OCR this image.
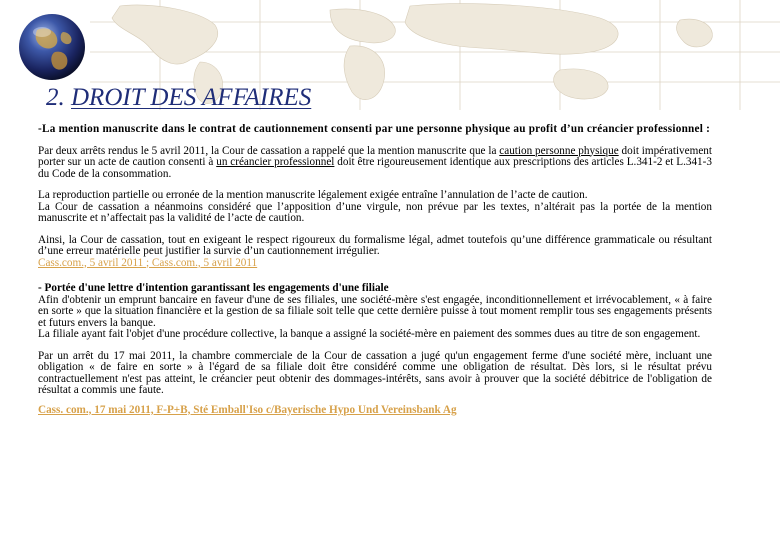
2. DROIT DES AFFAIRES

-La mention manuscrite dans le contrat de cautionnement consenti par une personne physique au profit d’un créancier professionnel :

Par deux arrêts rendus le 5 avril 2011, la Cour de cassation a rappelé que la mention manuscrite que la caution personne physique doit impérativement porter sur un acte de caution consenti à un créancier professionnel doit être rigoureusement identique aux prescriptions des articles L.341-2 et L.341-3 du Code de la consommation.

La reproduction partielle ou erronée de la mention manuscrite légalement exigée entraîne l’annulation de l’acte de caution.

La Cour de cassation a néanmoins considéré que l’apposition d’une virgule, non prévue par les textes, n’altérait pas la portée de la mention manuscrite et n’affectait pas la validité de l’acte de caution.

Ainsi, la Cour de cassation, tout en exigeant le respect rigoureux du formalisme légal, admet toutefois qu’une différence grammaticale ou résultant d’une erreur matérielle peut justifier la survie d’un cautionnement irrégulier.

Cass.com., 5 avril 2011 ; Cass.com., 5 avril 2011

- Portée d'une lettre d'intention garantissant les engagements d'une filiale

Afin d'obtenir un emprunt bancaire en faveur d'une de ses filiales, une société-mère s'est engagée, inconditionnellement et irrévocablement, « à faire en sorte » que la situation financière et la gestion de sa filiale soit telle que cette dernière puisse à tout moment remplir tous ses engagements présents et futurs envers la banque.

La filiale ayant fait l'objet d'une procédure collective, la banque a assigné la société-mère en paiement des sommes dues au titre de son engagement.

Par un arrêt du 17 mai 2011, la chambre commerciale de la Cour de cassation a jugé qu'un engagement ferme d'une société mère, incluant une obligation « de faire en sorte » à l'égard de sa filiale doit être considéré comme une obligation de résultat. Dès lors, si le résultat prévu contractuellement n'est pas atteint, le créancier peut obtenir des dommages-intérêts, sans avoir à prouver que la société débitrice de l'obligation de résultat a commis une faute.

Cass. com., 17 mai 2011, F-P+B, Sté Emball'Iso c/Bayerische Hypo Und Vereinsbank Ag
